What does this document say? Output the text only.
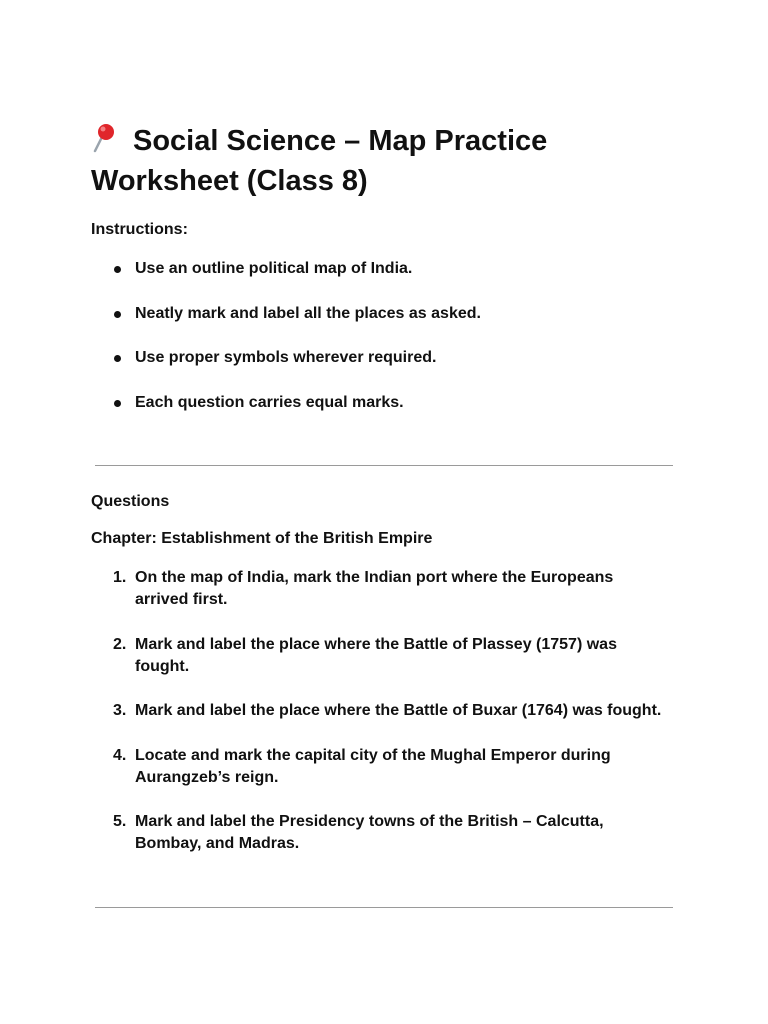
Social Science – Map Practice Worksheet (Class 8)

Instructions:

Use an outline political map of India.
Neatly mark and label all the places as asked.
Use proper symbols wherever required.
Each question carries equal marks.

Questions

Chapter: Establishment of the British Empire

1. On the map of India, mark the Indian port where the Europeans arrived first.
2. Mark and label the place where the Battle of Plassey (1757) was fought.
3. Mark and label the place where the Battle of Buxar (1764) was fought.
4. Locate and mark the capital city of the Mughal Emperor during Aurangzeb’s reign.
5. Mark and label the Presidency towns of the British – Calcutta, Bombay, and Madras.
